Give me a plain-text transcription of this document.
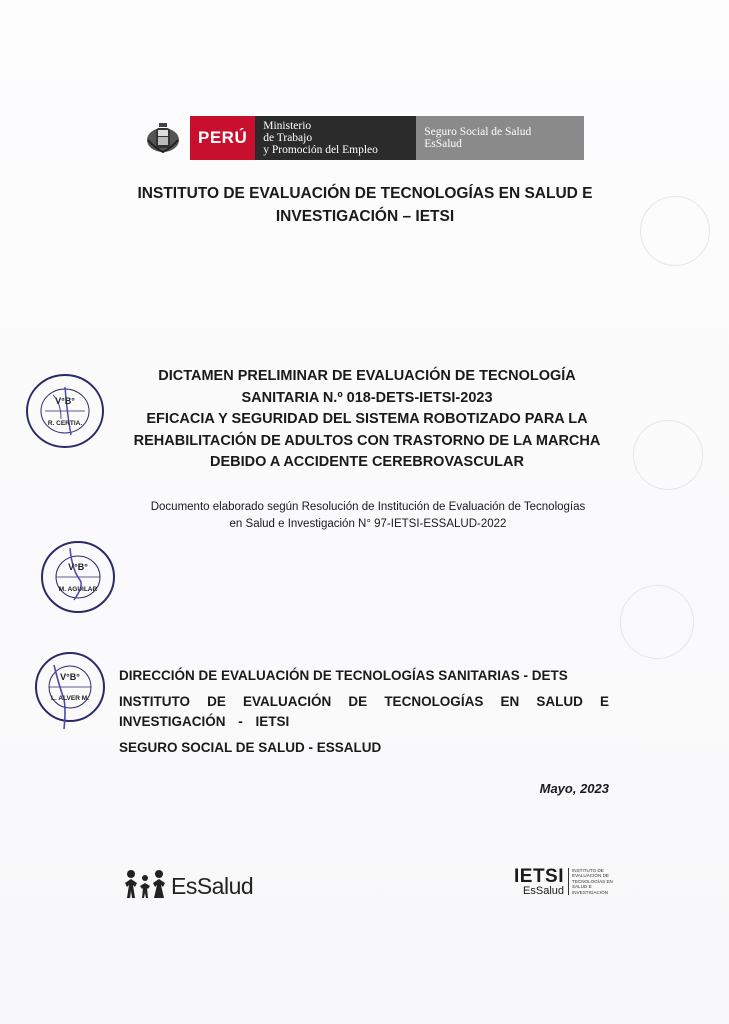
PERÚ
Ministerio
de Trabajo
y Promoción del Empleo
Seguro Social de Salud
EsSalud
INSTITUTO DE EVALUACIÓN DE TECNOLOGÍAS EN SALUD E
INVESTIGACIÓN – IETSI
DICTAMEN PRELIMINAR DE EVALUACIÓN DE TECNOLOGÍA
SANITARIA N.º 018-DETS-IETSI-2023
EFICACIA Y SEGURIDAD DEL SISTEMA ROBOTIZADO PARA LA
REHABILITACIÓN DE ADULTOS CON TRASTORNO DE LA MARCHA
DEBIDO A ACCIDENTE CEREBROVASCULAR
Documento elaborado según Resolución de Institución de Evaluación de Tecnologías
en Salud e Investigación N° 97-IETSI-ESSALUD-2022

DIRECCIÓN DE EVALUACIÓN DE TECNOLOGÍAS SANITARIAS - DETS

INSTITUTO DE EVALUACIÓN DE TECNOLOGÍAS EN SALUD E INVESTIGACIÓN - IETSI

SEGURO SOCIAL DE SALUD - ESSALUD

Mayo, 2023
V°B°
R. CERTIA.
V°B°
M. AGUILAR
V°B°
L. ALVER M.
EsSalud	IETSI
EsSalud
INSTITUTO DE
EVALUACIÓN DE
TECNOLOGÍAS EN
SALUD E
INVESTIGACIÓN
